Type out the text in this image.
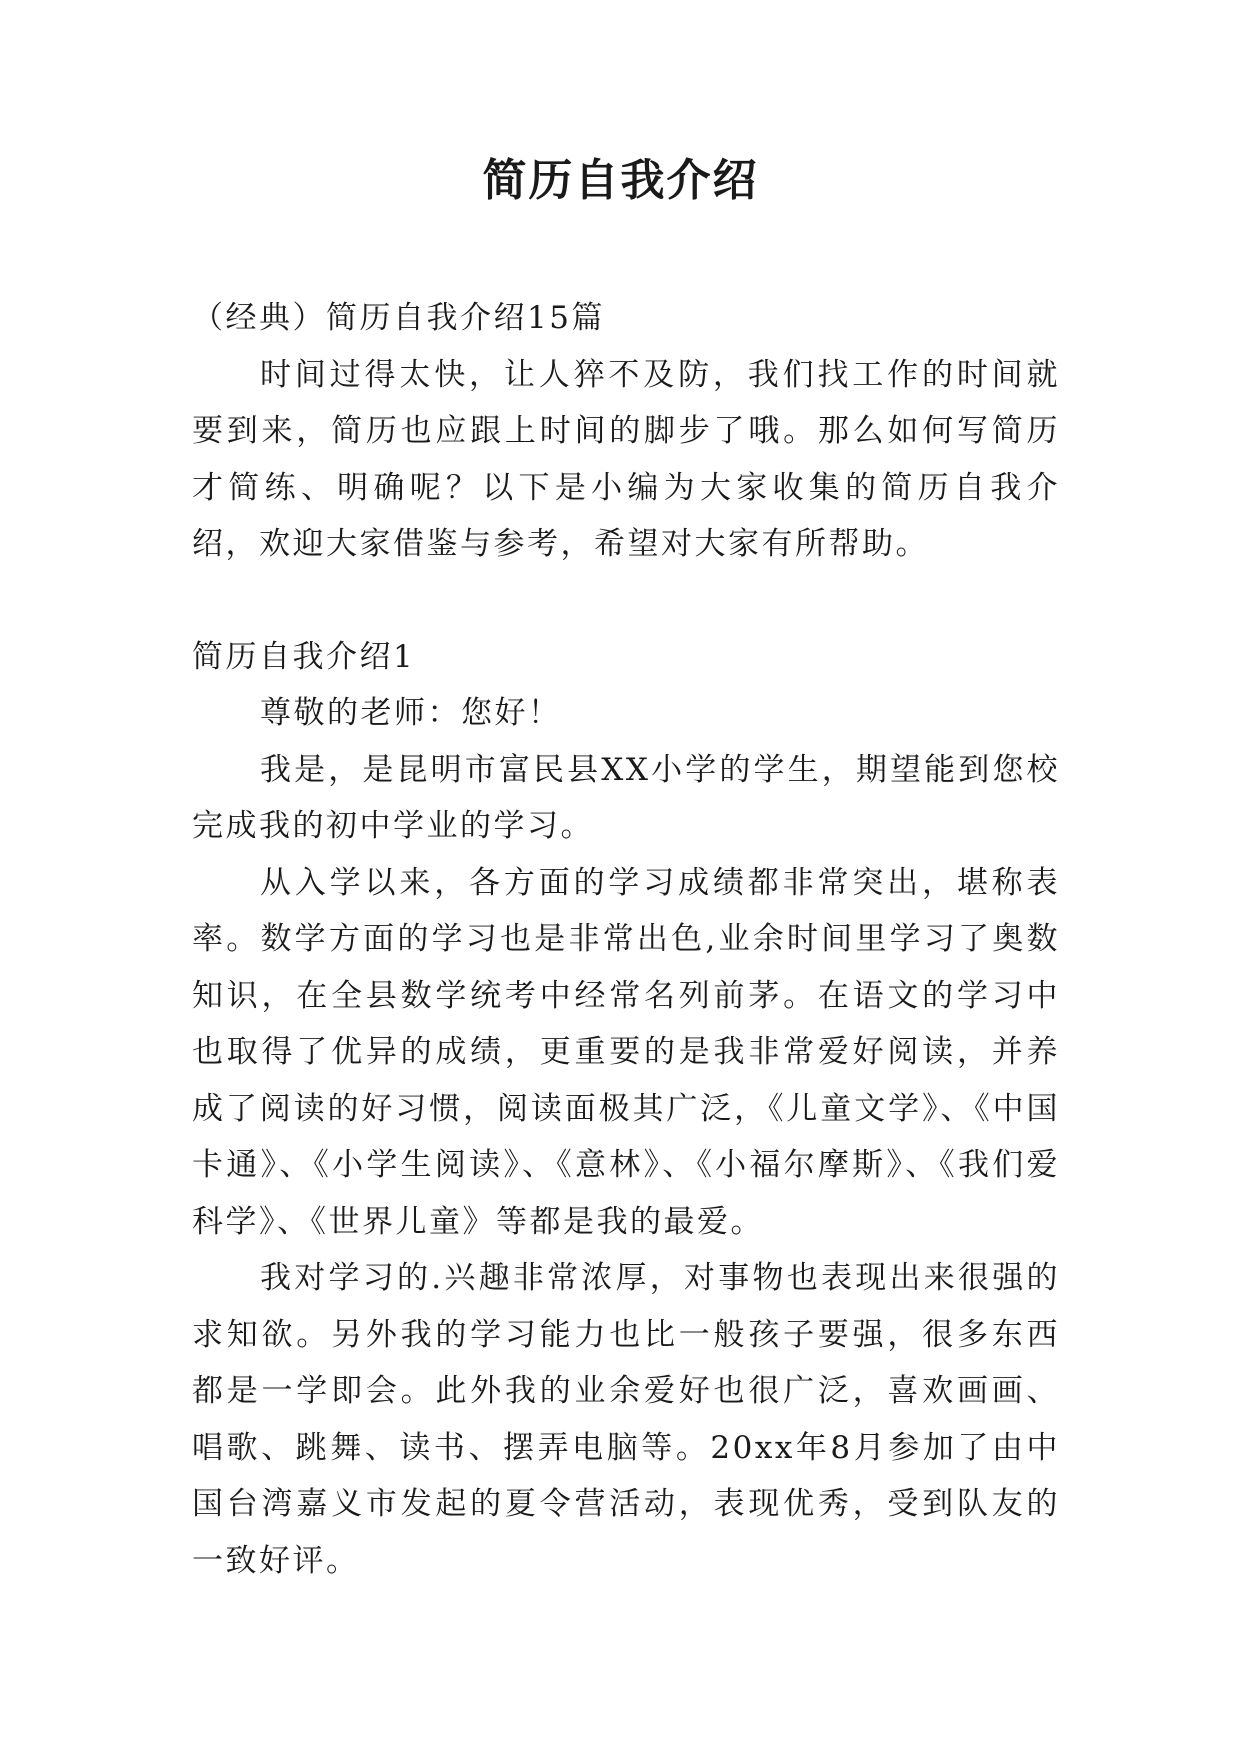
简历自我介绍

（经典）简历自我介绍15篇

时间过得太快，让人猝不及防，我们找工作的时间就要到来，简历也应跟上时间的脚步了哦。那么如何写简历才简练、明确呢？以下是小编为大家收集的简历自我介绍，欢迎大家借鉴与参考，希望对大家有所帮助。

简历自我介绍1

尊敬的老师：您好！

我是，是昆明市富民县XX小学的学生，期望能到您校完成我的初中学业的学习。

从入学以来，各方面的学习成绩都非常突出，堪称表率。数学方面的学习也是非常出色,业余时间里学习了奥数知识，在全县数学统考中经常名列前茅。在语文的学习中也取得了优异的成绩，更重要的是我非常爱好阅读，并养成了阅读的好习惯，阅读面极其广泛，《儿童文学》、《中国卡通》、《小学生阅读》、《意林》、《小福尔摩斯》、《我们爱科学》、《世界儿童》等都是我的最爱。

我对学习的.兴趣非常浓厚，对事物也表现出来很强的求知欲。另外我的学习能力也比一般孩子要强，很多东西都是一学即会。此外我的业余爱好也很广泛，喜欢画画、唱歌、跳舞、读书、摆弄电脑等。20xx年8月参加了由中国台湾嘉义市发起的夏令营活动，表现优秀，受到队友的一致好评。
